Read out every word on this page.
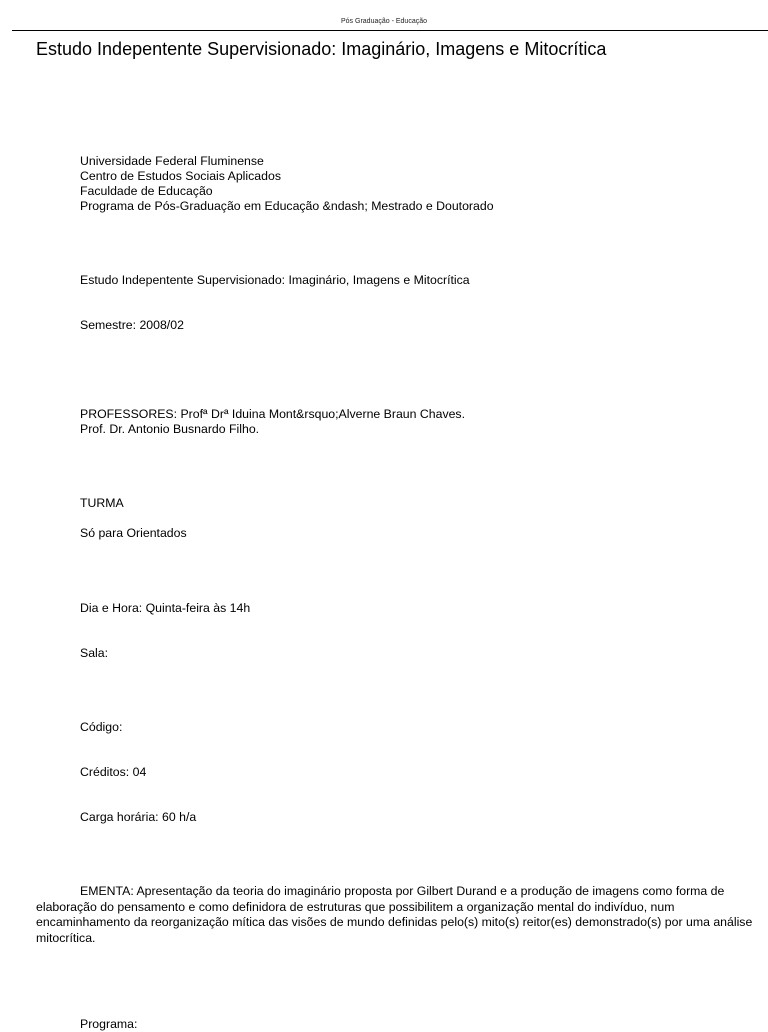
Pós Graduação - Educação
Estudo Indepentente Supervisionado: Imaginário, Imagens e Mitocrítica
Universidade Federal Fluminense
Centro de Estudos Sociais Aplicados
Faculdade de Educação
Programa de Pós-Graduação em Educação &ndash; Mestrado e Doutorado
Estudo Indepentente Supervisionado: Imaginário, Imagens e Mitocrítica
Semestre: 2008/02
PROFESSORES: Profª Drª Iduina Mont&rsquo;Alverne Braun Chaves.
Prof. Dr. Antonio Busnardo Filho.
TURMA
Só para Orientados
Dia e Hora: Quinta-feira às 14h
Sala:
Código:
Créditos: 04
Carga horária: 60 h/a
EMENTA: Apresentação da teoria do imaginário proposta por Gilbert Durand e a produção de imagens como forma de elaboração do pensamento e como definidora de estruturas que possibilitem a organização mental do indivíduo, num encaminhamento da reorganização mítica das visões de mundo definidas pelo(s) mito(s) reitor(es) demonstrado(s) por uma análise mitocrítica.
Programa:
